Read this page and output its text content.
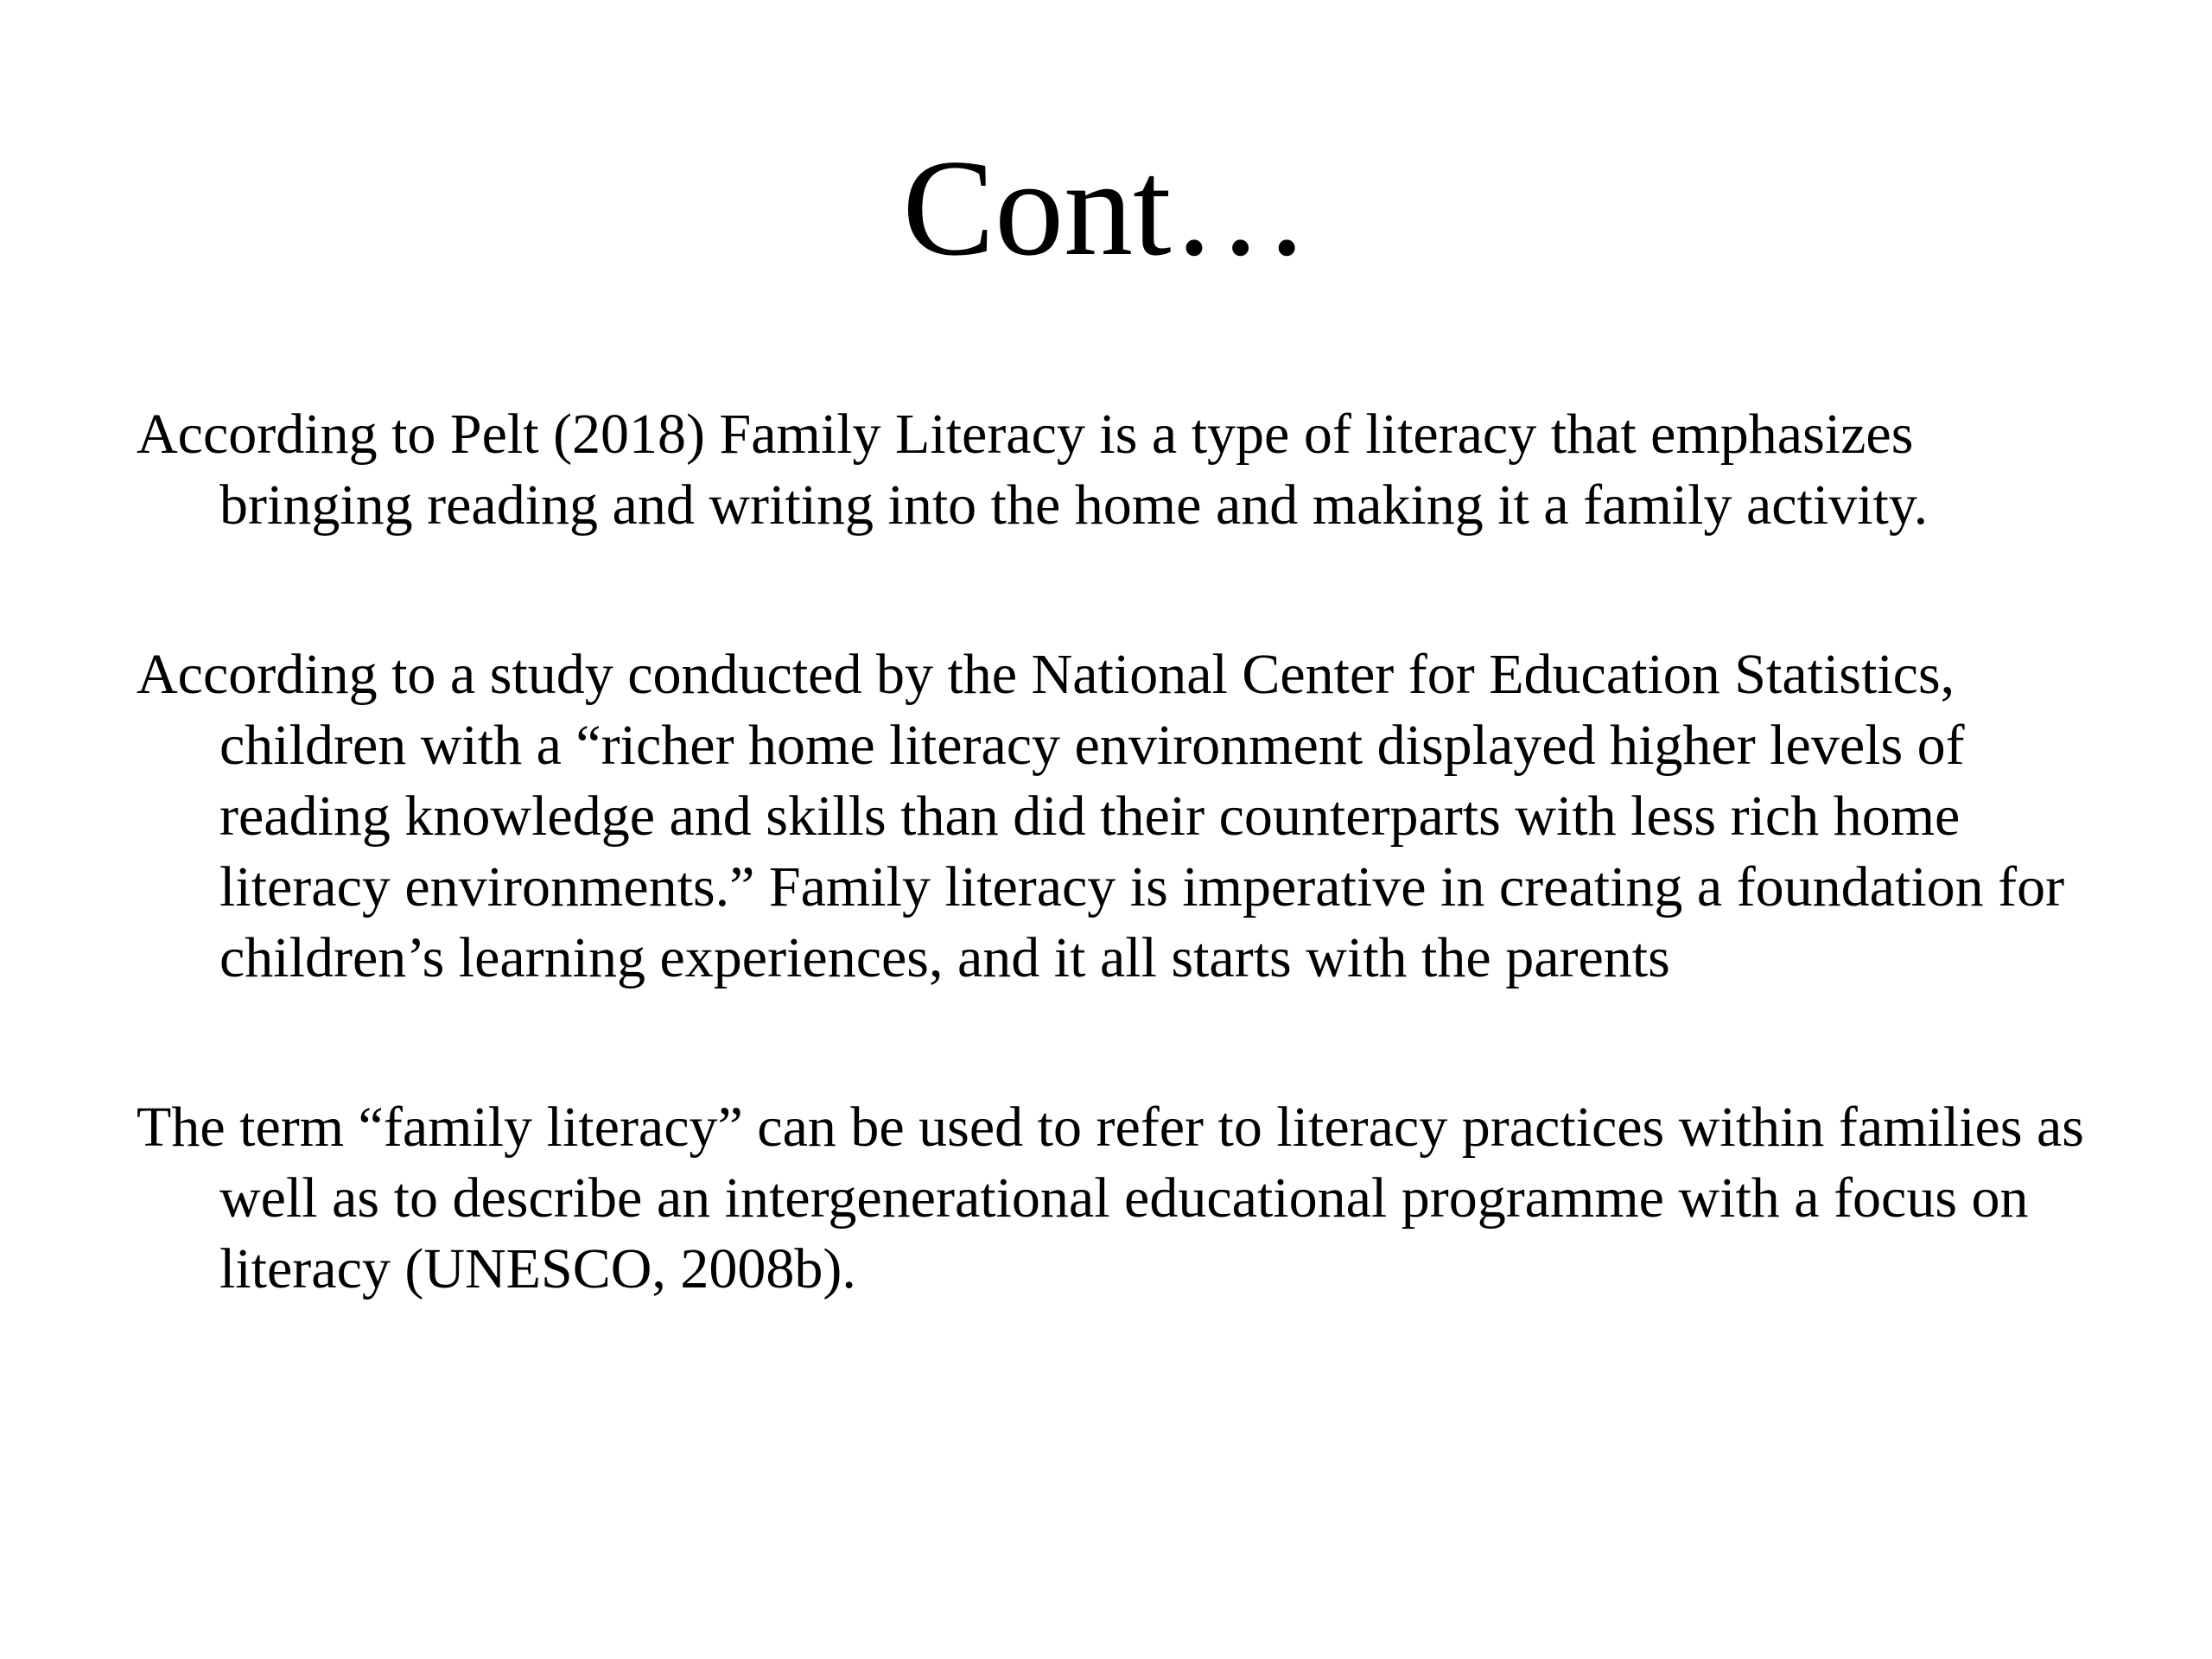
Cont…

According to Pelt (2018) Family Literacy is a type of literacy that emphasizes bringing reading and writing into the home and making it a family activity.

According to a study conducted by the National Center for Education Statistics, children with a “richer home literacy environment displayed higher levels of reading knowledge and skills than did their counterparts with less rich home literacy environments.” Family literacy is imperative in creating a foundation for children’s learning experiences, and it all starts with the parents

The term “family literacy” can be used to refer to literacy practices within families as well as to describe an intergenerational educational programme with a focus on literacy (UNESCO, 2008b).
